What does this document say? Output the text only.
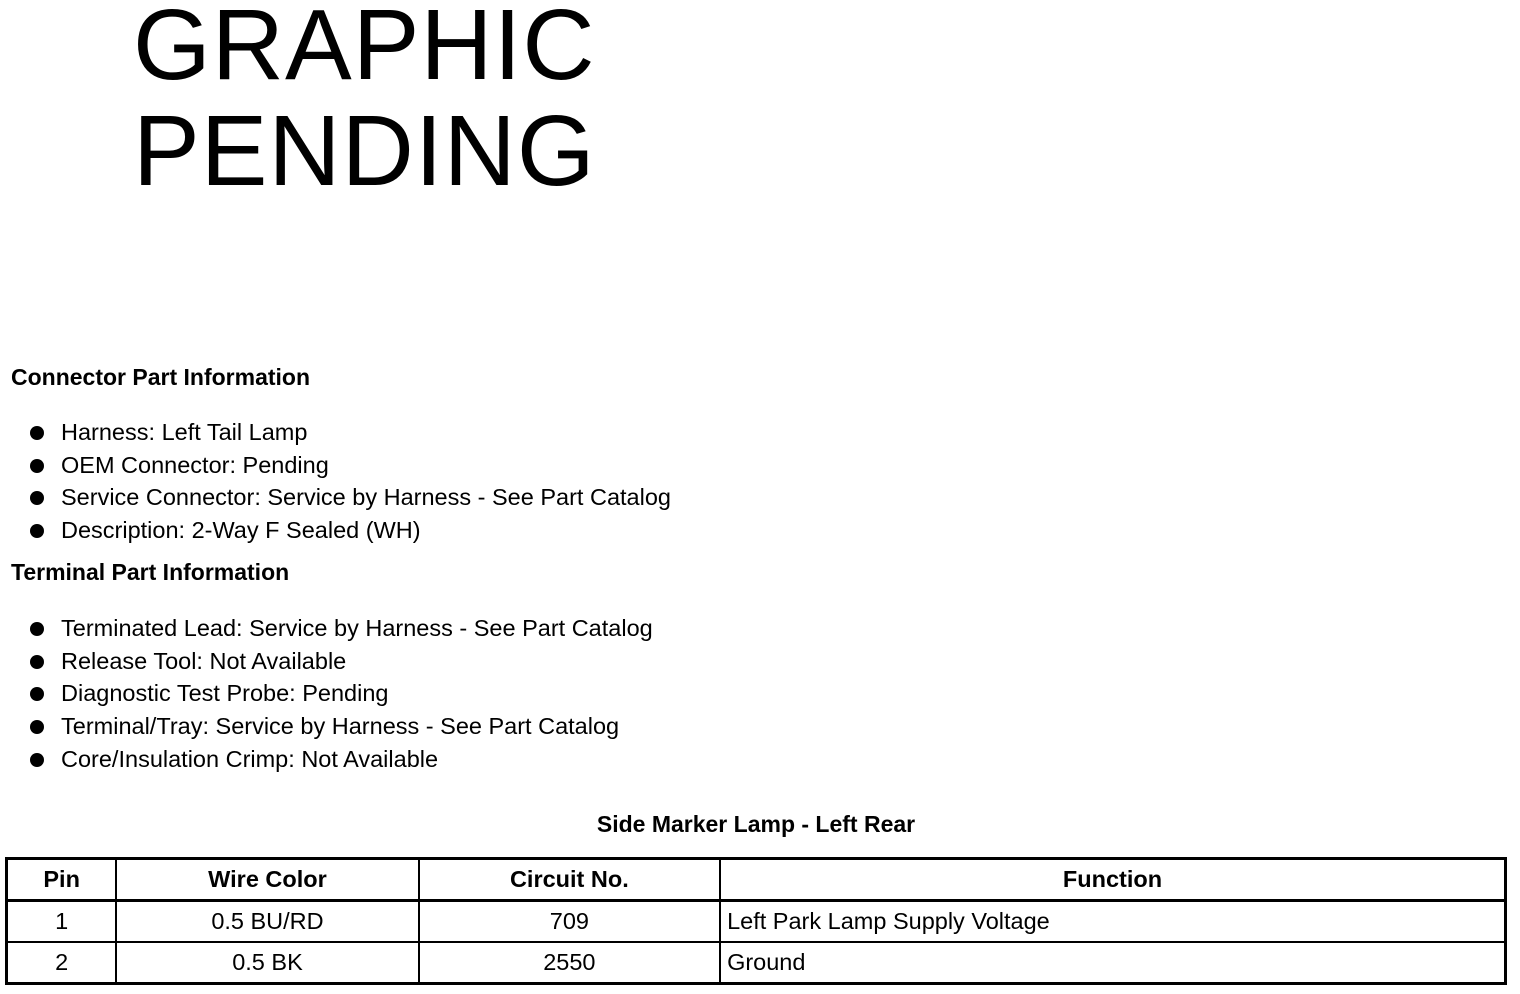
GRAPHIC
PENDING
Connector Part Information
Harness: Left Tail Lamp
OEM Connector: Pending
Service Connector: Service by Harness - See Part Catalog
Description: 2-Way F Sealed (WH)
Terminal Part Information
Terminated Lead: Service by Harness - See Part Catalog
Release Tool: Not Available
Diagnostic Test Probe: Pending
Terminal/Tray: Service by Harness - See Part Catalog
Core/Insulation Crimp: Not Available
Side Marker Lamp - Left Rear
Pin	Wire Color	Circuit No.	Function
1	0.5 BU/RD	709	Left Park Lamp Supply Voltage
2	0.5 BK	2550	Ground
